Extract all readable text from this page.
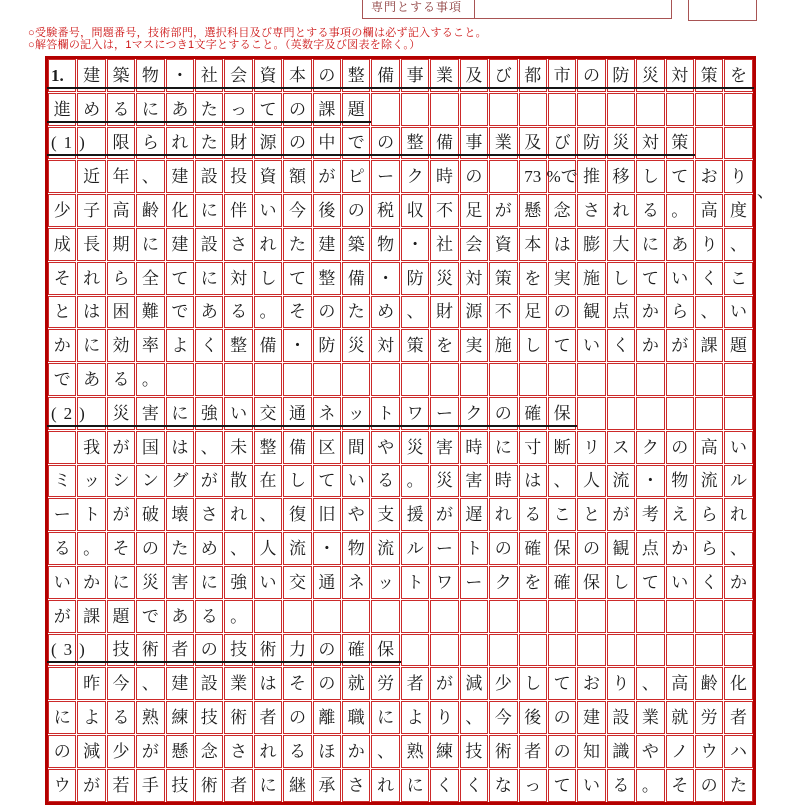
専門とする事項
○受験番号，問題番号，技術部門，選択科目及び専門とする事項の欄は必ず記入すること。
○解答欄の記入は，1マスにつき1文字とすること。（英数字及び図表を除く。）
1. 建 築 物 ・ 社 会 資 本 の 整 備 事 業 及 び 都 市 の 防 災 対 策 を
進 め る に あ た っ て の 課 題
(1) 限 ら れ た 財 源 の 中 で の 整 備 事 業 及 び 防 災 対 策
近 年 、 建 設 投 資 額 が ピ ー ク 時 の 73 %で 推 移 し て お り
少 子 高 齢 化 に 伴 い 今 後 の 税 収 不 足 が 懸 念 さ れ る 。 高 度
成 長 期 に 建 設 さ れ た 建 築 物 ・ 社 会 資 本 は 膨 大 に あ り 、
そ れ ら 全 て に 対 し て 整 備 ・ 防 災 対 策 を 実 施 し て い く こ
と は 困 難 で あ る 。 そ の た め 、 財 源 不 足 の 観 点 か ら 、 い
か に 効 率 よ く 整 備 ・ 防 災 対 策 を 実 施 し て い く か が 課 題
で あ る 。
(2) 災 害 に 強 い 交 通 ネ ッ ト ワ ー ク の 確 保
我 が 国 は 、 未 整 備 区 間 や 災 害 時 に 寸 断 リ ス ク の 高 い
ミ ッ シ ン グ が 散 在 し て い る 。 災 害 時 は 、 人 流 ・ 物 流 ル
ー ト が 破 壊 さ れ 、 復 旧 や 支 援 が 遅 れ る こ と が 考 え ら れ
る 。 そ の た め 、 人 流 ・ 物 流 ル ー ト の 確 保 の 観 点 か ら 、
い か に 災 害 に 強 い 交 通 ネ ッ ト ワ ー ク を 確 保 し て い く か
が 課 題 で あ る 。
(3) 技 術 者 の 技 術 力 の 確 保
昨 今 、 建 設 業 は そ の 就 労 者 が 減 少 し て お り 、 高 齢 化
に よ る 熟 練 技 術 者 の 離 職 に よ り 、 今 後 の 建 設 業 就 労 者
の 減 少 が 懸 念 さ れ る ほ か 、 熟 練 技 術 者 の 知 識 や ノ ウ ハ
ウ が 若 手 技 術 者 に 継 承 さ れ に く く な っ て い る 。 そ の た
、
